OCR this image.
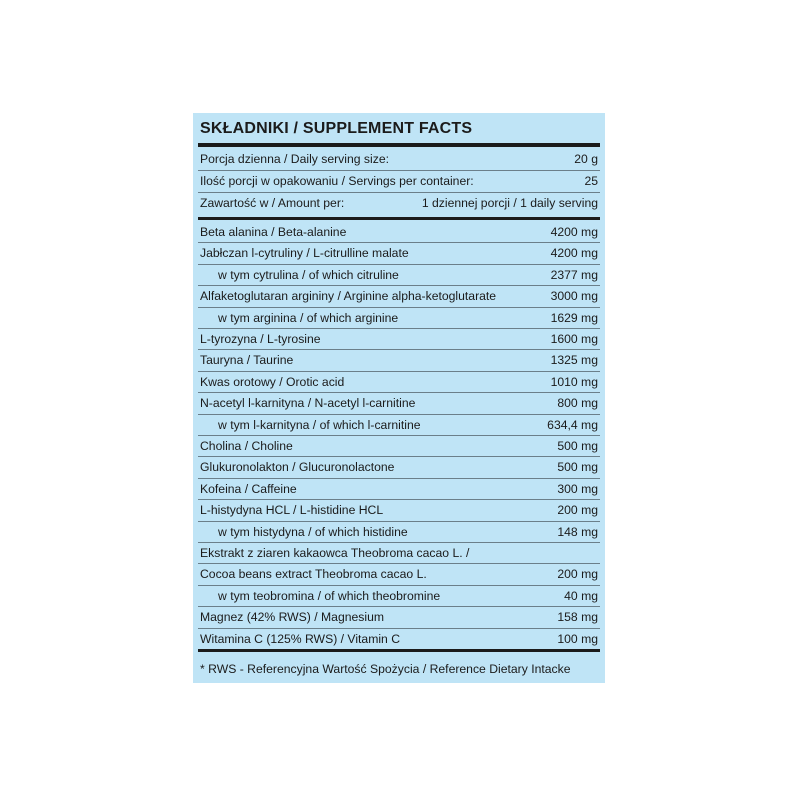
SKŁADNIKI / SUPPLEMENT FACTS
Porcja dzienna / Daily serving size:	20 g
Ilość porcji w opakowaniu / Servings per container:	25
Zawartość w / Amount per:	1 dziennej porcji / 1 daily serving
Beta alanina / Beta-alanine	4200 mg
Jabłczan l-cytruliny / L-citrulline malate	4200 mg
w tym cytrulina / of which citruline	2377 mg
Alfaketoglutaran argininy / Arginine alpha-ketoglutarate	3000 mg
w tym arginina / of which arginine	1629 mg
L-tyrozyna / L-tyrosine	1600 mg
Tauryna / Taurine	1325 mg
Kwas orotowy / Orotic acid	1010 mg
N-acetyl l-karnityna / N-acetyl l-carnitine	800 mg
w tym l-karnityna / of which l-carnitine	634,4 mg
Cholina / Choline	500 mg
Glukuronolakton / Glucuronolactone	500 mg
Kofeina / Caffeine	300 mg
L-histydyna HCL / L-histidine HCL	200 mg
w tym histydyna / of which histidine	148 mg
Ekstrakt z ziaren kakaowca Theobroma cacao L. /
Cocoa beans extract Theobroma cacao L.	200 mg
w tym teobromina / of which theobromine	40 mg
Magnez (42% RWS) / Magnesium	158 mg
Witamina C (125% RWS) / Vitamin C	100 mg
* RWS - Referencyjna Wartość Spożycia / Reference Dietary Intacke
